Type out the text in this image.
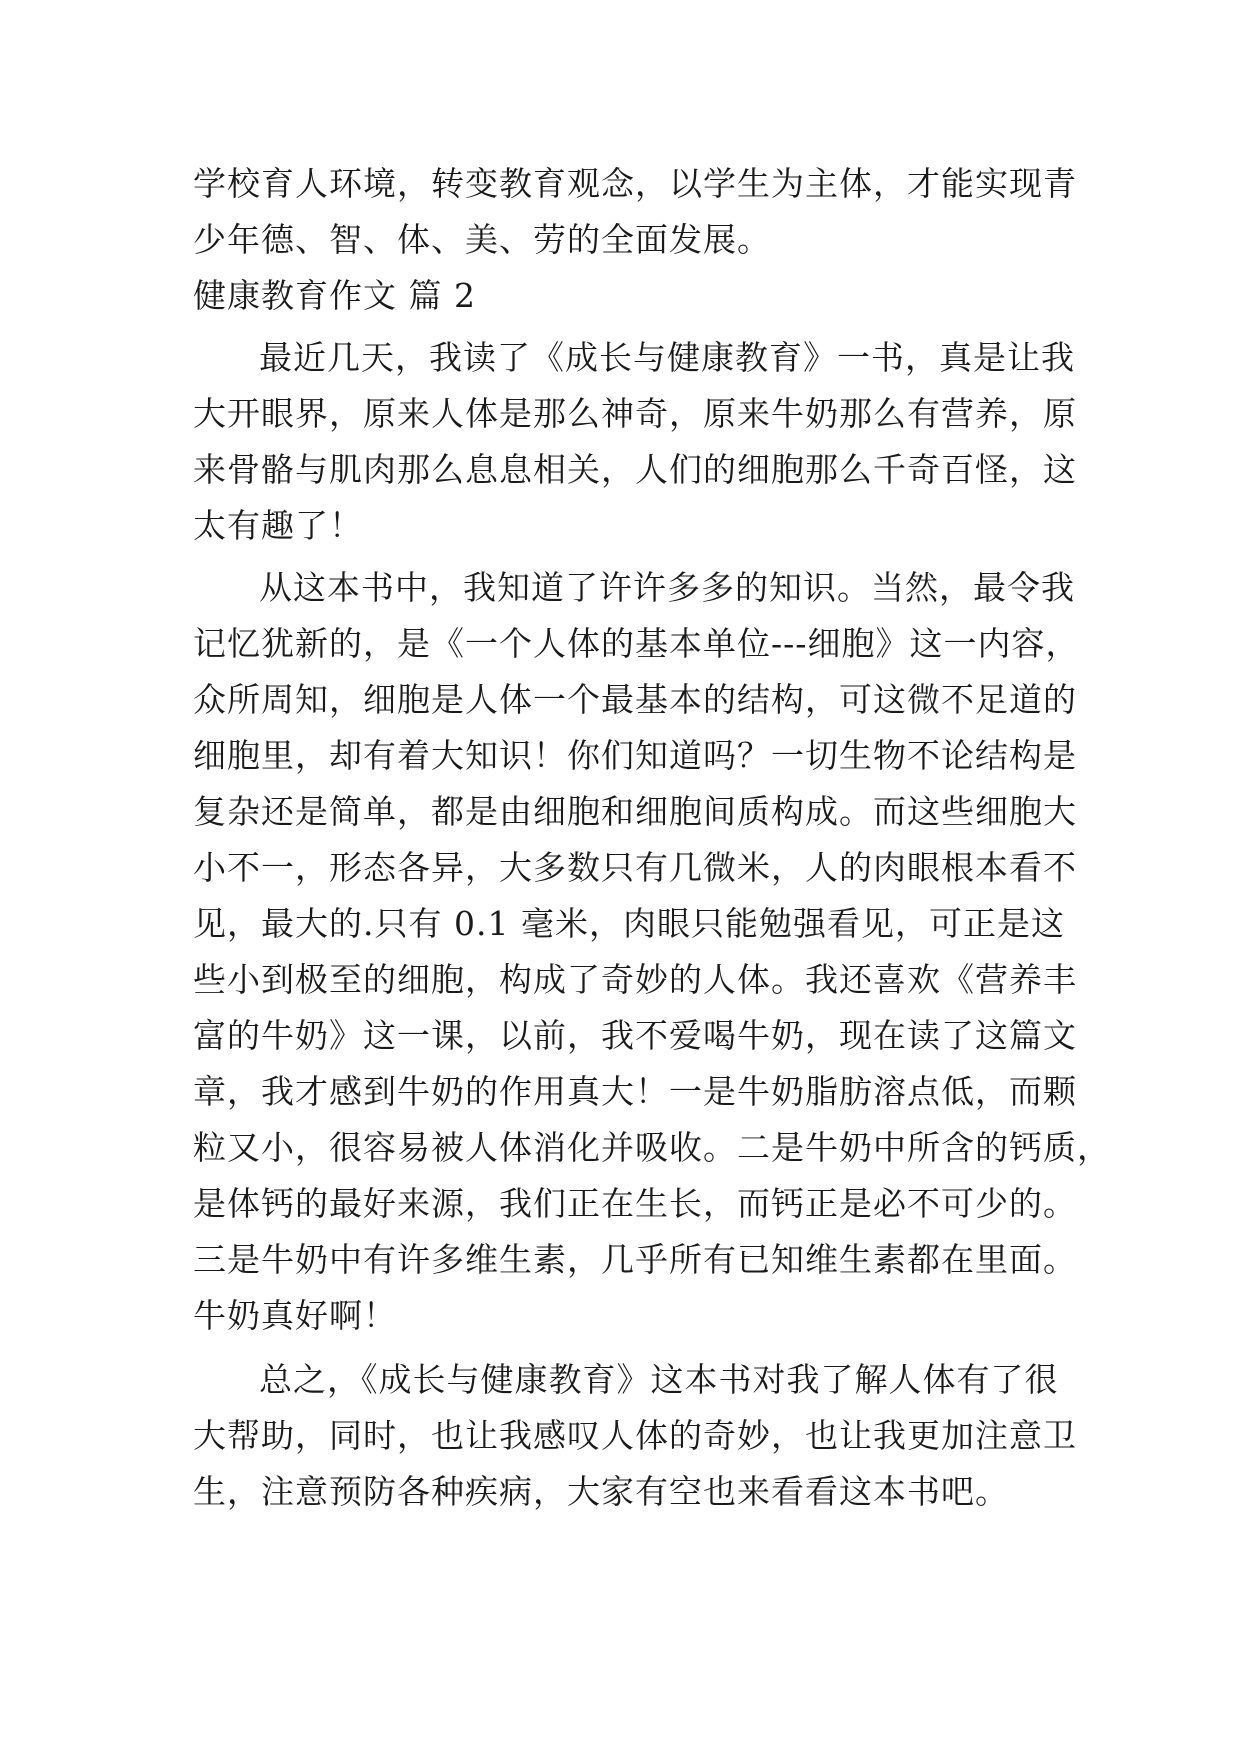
学校育人环境，转变教育观念，以学生为主体，才能实现青
少年德、智、体、美、劳的全面发展。
健康教育作文 篇 2
最近几天，我读了《成长与健康教育》一书，真是让我
大开眼界，原来人体是那么神奇，原来牛奶那么有营养，原
来骨骼与肌肉那么息息相关，人们的细胞那么千奇百怪，这
太有趣了！
从这本书中，我知道了许许多多的知识。当然，最令我
记忆犹新的，是《一个人体的基本单位---细胞》这一内容，
众所周知，细胞是人体一个最基本的结构，可这微不足道的
细胞里，却有着大知识！你们知道吗？一切生物不论结构是
复杂还是简单，都是由细胞和细胞间质构成。而这些细胞大
小不一，形态各异，大多数只有几微米，人的肉眼根本看不
见，最大的.只有 0.1 毫米，肉眼只能勉强看见，可正是这
些小到极至的细胞，构成了奇妙的人体。我还喜欢《营养丰
富的牛奶》这一课，以前，我不爱喝牛奶，现在读了这篇文
章，我才感到牛奶的作用真大！一是牛奶脂肪溶点低，而颗
粒又小，很容易被人体消化并吸收。二是牛奶中所含的钙质，
是体钙的最好来源，我们正在生长，而钙正是必不可少的。
三是牛奶中有许多维生素，几乎所有已知维生素都在里面。
牛奶真好啊！
总之，《成长与健康教育》这本书对我了解人体有了很
大帮助，同时，也让我感叹人体的奇妙，也让我更加注意卫
生，注意预防各种疾病，大家有空也来看看这本书吧。
